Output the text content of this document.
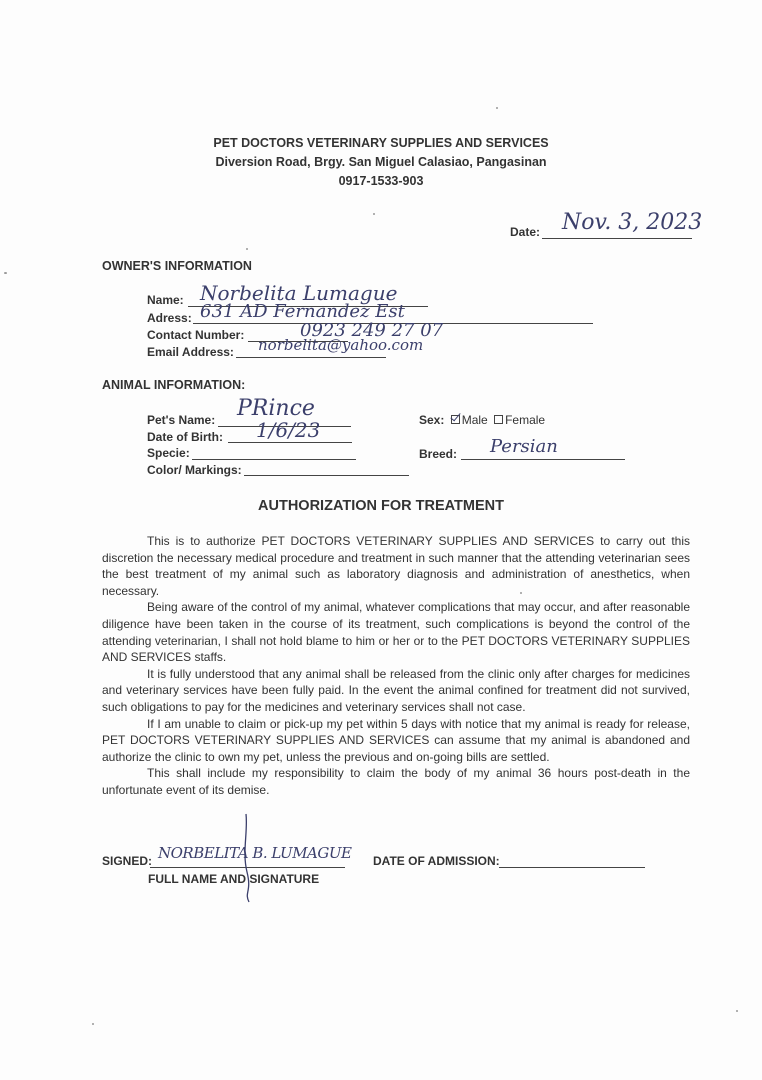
PET DOCTORS VETERINARY SUPPLIES AND SERVICES
Diversion Road, Brgy. San Miguel Calasiao, Pangasinan
0917-1533-903
Date: Nov. 3, 2023
OWNER'S INFORMATION
Name: Norbelita Lumague
Adress: 631 AD Fernandez Est
Contact Number:	0923 249 27 07
Email Address: norbelita@yahoo.com
ANIMAL INFORMATION:
Pet's Name: PRince
Date of Birth: 1/6/23
Specie:
Color/ Markings:
Sex: Male Female
Breed: Persian
AUTHORIZATION FOR TREATMENT

This is to authorize PET DOCTORS VETERINARY SUPPLIES AND SERVICES to carry out this discretion the necessary medical procedure and treatment in such manner that the attending veterinarian sees the best treatment of my animal such as laboratory diagnosis and administration of anesthetics, when necessary.

Being aware of the control of my animal, whatever complications that may occur, and after reasonable diligence have been taken in the course of its treatment, such complications is beyond the control of the attending veterinarian, I shall not hold blame to him or her or to the PET DOCTORS VETERINARY SUPPLIES AND SERVICES staffs.

It is fully understood that any animal shall be released from the clinic only after charges for medicines and veterinary services have been fully paid. In the event the animal confined for treatment did not survived, such obligations to pay for the medicines and veterinary services shall not case.

If I am unable to claim or pick-up my pet within 5 days with notice that my animal is ready for release, PET DOCTORS VETERINARY SUPPLIES AND SERVICES can assume that my animal is abandoned and authorize the clinic to own my pet, unless the previous and on-going bills are settled.

This shall include my responsibility to claim the body of my animal 36 hours post-death in the unfortunate event of its demise.

SIGNED: NORBELITA B. LUMAGUE
FULL NAME AND SIGNATURE
DATE OF ADMISSION:
